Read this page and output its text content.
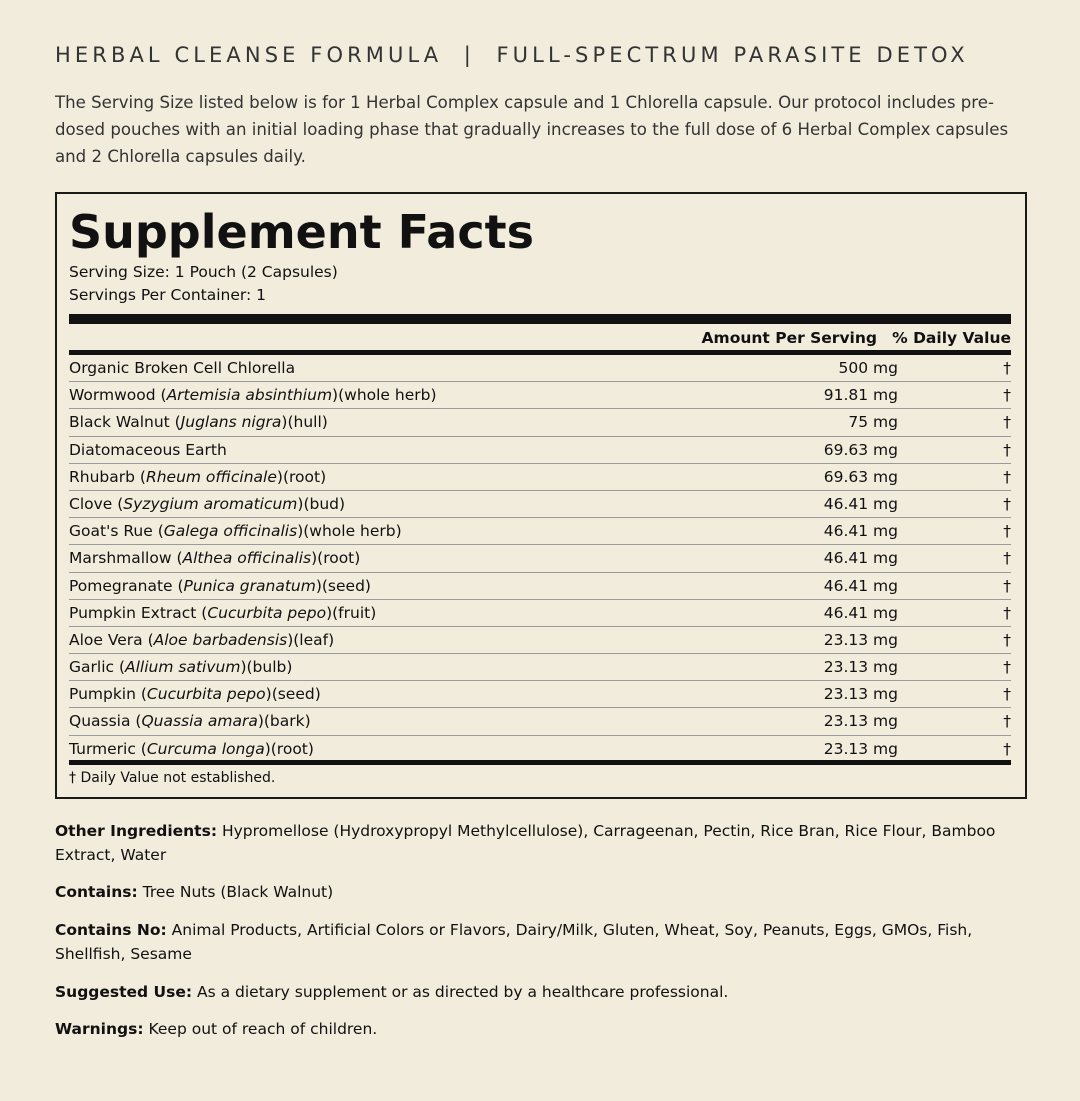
HERBAL CLEANSE FORMULA  |  FULL-SPECTRUM PARASITE DETOX
The Serving Size listed below is for 1 Herbal Complex capsule and 1 Chlorella capsule. Our protocol includes pre-dosed pouches with an initial loading phase that gradually increases to the full dose of 6 Herbal Complex capsules and 2 Chlorella capsules daily.
Supplement Facts
Serving Size: 1 Pouch (2 Capsules)
Servings Per Container: 1
Amount Per Serving % Daily Value
Organic Broken Cell Chlorella	500 mg	†
Wormwood (Artemisia absinthium)(whole herb)	91.81 mg	†
Black Walnut (Juglans nigra)(hull)	75 mg	†
Diatomaceous Earth	69.63 mg	†
Rhubarb (Rheum officinale)(root)	69.63 mg	†
Clove (Syzygium aromaticum)(bud)	46.41 mg	†
Goat's Rue (Galega officinalis)(whole herb)	46.41 mg	†
Marshmallow (Althea officinalis)(root)	46.41 mg	†
Pomegranate (Punica granatum)(seed)	46.41 mg	†
Pumpkin Extract (Cucurbita pepo)(fruit)	46.41 mg	†
Aloe Vera (Aloe barbadensis)(leaf)	23.13 mg	†
Garlic (Allium sativum)(bulb)	23.13 mg	†
Pumpkin (Cucurbita pepo)(seed)	23.13 mg	†
Quassia (Quassia amara)(bark)	23.13 mg	†
Turmeric (Curcuma longa)(root)	23.13 mg	†
† Daily Value not established.
Other Ingredients: Hypromellose (Hydroxypropyl Methylcellulose), Carrageenan, Pectin, Rice Bran, Rice Flour, Bamboo Extract, Water
Contains: Tree Nuts (Black Walnut)
Contains No: Animal Products, Artificial Colors or Flavors, Dairy/Milk, Gluten, Wheat, Soy, Peanuts, Eggs, GMOs, Fish, Shellfish, Sesame
Suggested Use: As a dietary supplement or as directed by a healthcare professional.
Warnings: Keep out of reach of children.
